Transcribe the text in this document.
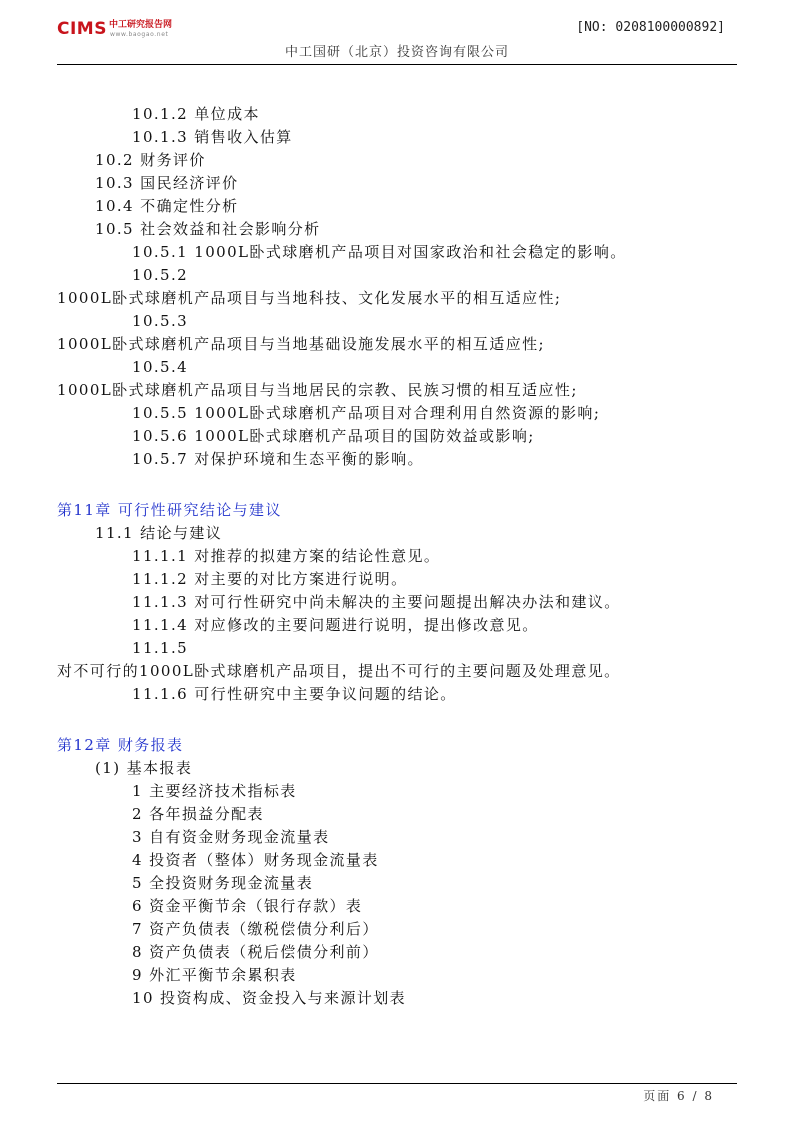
CIMS 中工研究报告网
www.baogao.net	[NO: 0208100000892]
中工国研（北京）投资咨询有限公司
10.1.2 单位成本
10.1.3 销售收入估算
10.2 财务评价
10.3 国民经济评价
10.4 不确定性分析
10.5 社会效益和社会影响分析
10.5.1 1000L卧式球磨机产品项目对国家政治和社会稳定的影响。
10.5.2
1000L卧式球磨机产品项目与当地科技、文化发展水平的相互适应性;
10.5.3
1000L卧式球磨机产品项目与当地基础设施发展水平的相互适应性;
10.5.4
1000L卧式球磨机产品项目与当地居民的宗教、民族习惯的相互适应性;
10.5.5 1000L卧式球磨机产品项目对合理利用自然资源的影响;
10.5.6 1000L卧式球磨机产品项目的国防效益或影响;
10.5.7 对保护环境和生态平衡的影响。
第11章 可行性研究结论与建议
11.1 结论与建议
11.1.1 对推荐的拟建方案的结论性意见。
11.1.2 对主要的对比方案进行说明。
11.1.3 对可行性研究中尚未解决的主要问题提出解决办法和建议。
11.1.4 对应修改的主要问题进行说明，提出修改意见。
11.1.5
对不可行的1000L卧式球磨机产品项目，提出不可行的主要问题及处理意见。
11.1.6 可行性研究中主要争议问题的结论。
第12章 财务报表
(1) 基本报表
1 主要经济技术指标表
2 各年损益分配表
3 自有资金财务现金流量表
4 投资者（整体）财务现金流量表
5 全投资财务现金流量表
6 资金平衡节余（银行存款）表
7 资产负债表（缴税偿债分利后）
8 资产负债表（税后偿债分利前）
9 外汇平衡节余累积表
10 投资构成、资金投入与来源计划表
页面 6 / 8
